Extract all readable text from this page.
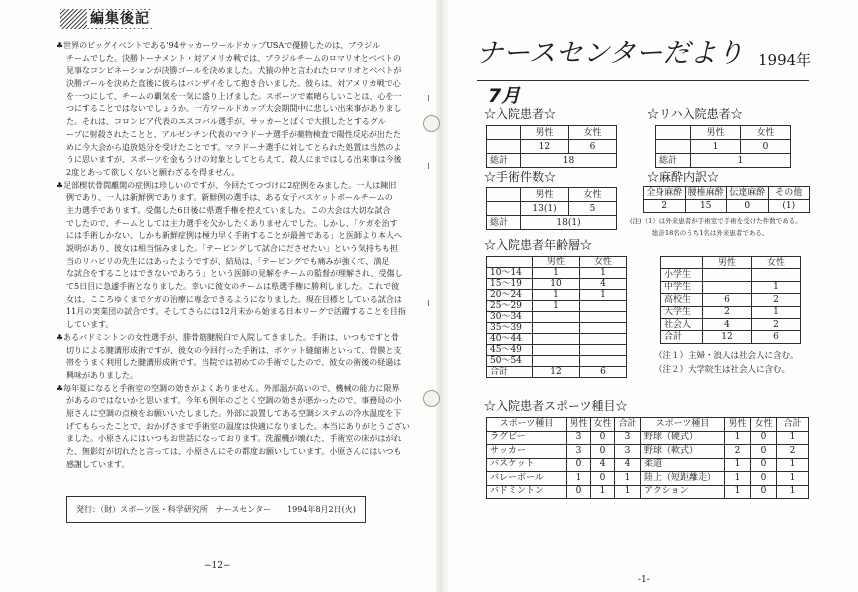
編集後記
♣世界のビッグイベントである'94サッカーワールドカップUSAで優勝したのは、ブラジル
チームでした。決勝トーナメント・対アメリカ戦では、ブラジルチームのロマリオとベベトの
見事なコンビネーションが決勝ゴールを決めました。犬猿の仲と言われたロマリオとベベトが
決勝ゴールを決めた直後に彼らはバンザイをして抱き合いました。彼らは、対アメリカ戦で心
を一つにして、チームの覇気を一気に盛り上げました。スポーツで素晴らしいことは、心を一
つにすることではないでしょうか。一方ワールドカップ大会期間中に悲しい出来事がありまし
た。それは、コロンビア代表のエスコバル選手が、サッカーとばくで大損したとするグル
ープに射殺されたことと、アルゼンチン代表のマラドーナ選手が薬物検査で陽性反応が出たた
めに今大会から追放処分を受けたことです。マラドーナ選手に対してとられた処置は当然のよ
うに思いますが、スポーツを金もうけの対象としてとらえて、殺人にまではしる出来事は今後
2度とあって欲しくないと願わざるを得ません。
♣足部楔状骨間離開の症例は珍しいのですが、今回たてつづけに2症例をみました。一人は陳旧
例であり、一人は新鮮例であります。新鮮例の選手は、ある女子バスケットボールチームの
主力選手であります。受傷した6日後に県選手権を控えていました。この大会は大切な試合
でしたので、チームとしては主力選手を欠かしたくありませんでした。しかし、「ケガを治す
には手術しかない、しかも新鮮症例は極力早く手術することが最善である」と医師より本人へ
説明があり、彼女は相当悩みました。「テーピングして試合にださせたい」という気持ちも担
当のリハビリの先生にはあったようですが、結局は、「テーピングでも痛みが強くて、満足
な試合をすることはできないであろう」という医師の見解をチームの監督が理解され、受傷し
て5日目に急遽手術となりました。幸いに彼女のチームは県選手権に勝利しました。これで彼
女は、こころゆくまでケガの治療に専念できるようになりました。現在目標としている試合は
11月の実業団の試合です。そしてさらには12月末から始まる日本リーグで活躍することを目指
しています。
♣あるバドミントンの女性選手が、腓骨筋腱脱臼で入院してきました。手術は、いつもですと骨
切りによる腱溝形成術ですが、彼女の今回行った手術は、ポケット縫縮術といって、骨膜と支
帯をうまく利用した腱溝形成術です。当院では初めての手術でしたので、彼女の術後の経過は
興味がありました。
♣毎年夏になると手術室の空調の効きがよくありません。外部温が高いので、機械の能力に限界
があるのではないかと思います。今年も例年のごとく空調の効きが悪かったので、事務局の小
原さんに空調の点検をお願いいたしました。外部に設置してある空調システムの冷水温度を下
げてもらったことで、おかげさまで手術室の温度は快適になりました。本当にありがとうござい
ました。小原さんにはいつもお世話になっております。洗濯機が壊れた、手術室の床がはがれ
た、無影灯が切れたと言っては、小原さんにその都度お願いしています。小原さんにはいつも
感謝しています。
発行：（財）スポーツ医・科学研究所　ナースセンター　　1994年8月2日(火)
−12−
ナースセンターだより 1994年
7月
☆入院患者☆
	男性	女性
	12	6
総計	18	
☆リハ入院患者☆
	男性	女性
	1	0
総計	1	
☆手術件数☆
	男性	女性
	13(1)	5
総計	18(1)	
☆麻酔内訳☆
全身麻酔	腰椎麻酔	伝達麻酔	その他
2	15	0	(1)
(注)（1）は外来患者が手術室で手術を受けた件数である。
総計18名のうち1名は外来患者である。
☆入院患者年齢層☆
	男性	女性
10～14	1	1
15～19	10	4
20～24	1	1
25～29	1	
30～34		
35～39		
40～44		
45～49		
50～54		
合計	12	6
	男性	女性
小学生		
中学生		1
高校生	6	2
大学生	2	1
社会人	4	2
合計	12	6
（注１）主婦・浪人は社会人に含む。
（注２）大学院生は社会人に含む。
☆入院患者スポーツ種目☆
スポーツ種目	男性	女性	合計	スポーツ種目	男性	女性	合計
ラグビー	3	0	3	野球（硬式）	1	0	1
サッカー	3	0	3	野球（軟式）	2	0	2
バスケット	0	4	4	柔道	1	0	1
バレーボール	1	0	1	陸上（短距離走）	1	0	1
バドミントン	0	1	1	アクション	1	0	1
-1-
